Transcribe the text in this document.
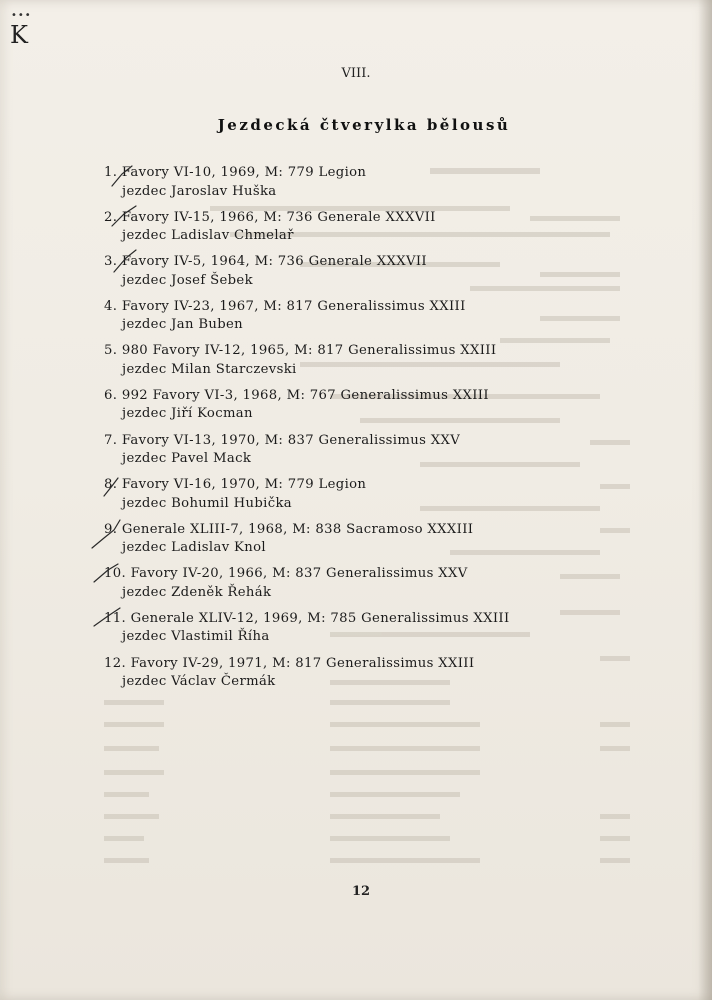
•••
K
VIII.
Jezdecká čtverylka bělousů
1. Favory VI-10, 1969, M: 779 Legion
jezdec Jaroslav Huška
2. Favory IV-15, 1966, M: 736 Generale XXXVII
jezdec Ladislav Chmelař
3. Favory IV-5, 1964, M: 736 Generale XXXVII
jezdec Josef Šebek
4. Favory IV-23, 1967, M: 817 Generalissimus XXIII
jezdec Jan Buben
5. 980 Favory IV-12, 1965, M: 817 Generalissimus XXIII
jezdec Milan Starczevski
6. 992 Favory VI-3, 1968, M: 767 Generalissimus XXIII
jezdec Jiří Kocman
7. Favory VI-13, 1970, M: 837 Generalissimus XXV
jezdec Pavel Mack
8. Favory VI-16, 1970, M: 779 Legion
jezdec Bohumil Hubička
9. Generale XLIII-7, 1968, M: 838 Sacramoso XXXIII
jezdec Ladislav Knol
10. Favory IV-20, 1966, M: 837 Generalissimus XXV
jezdec Zdeněk Řehák
11. Generale XLIV-12, 1969, M: 785 Generalissimus XXIII
jezdec Vlastimil Říha
12. Favory IV-29, 1971, M: 817 Generalissimus XXIII
jezdec Václav Čermák
12
